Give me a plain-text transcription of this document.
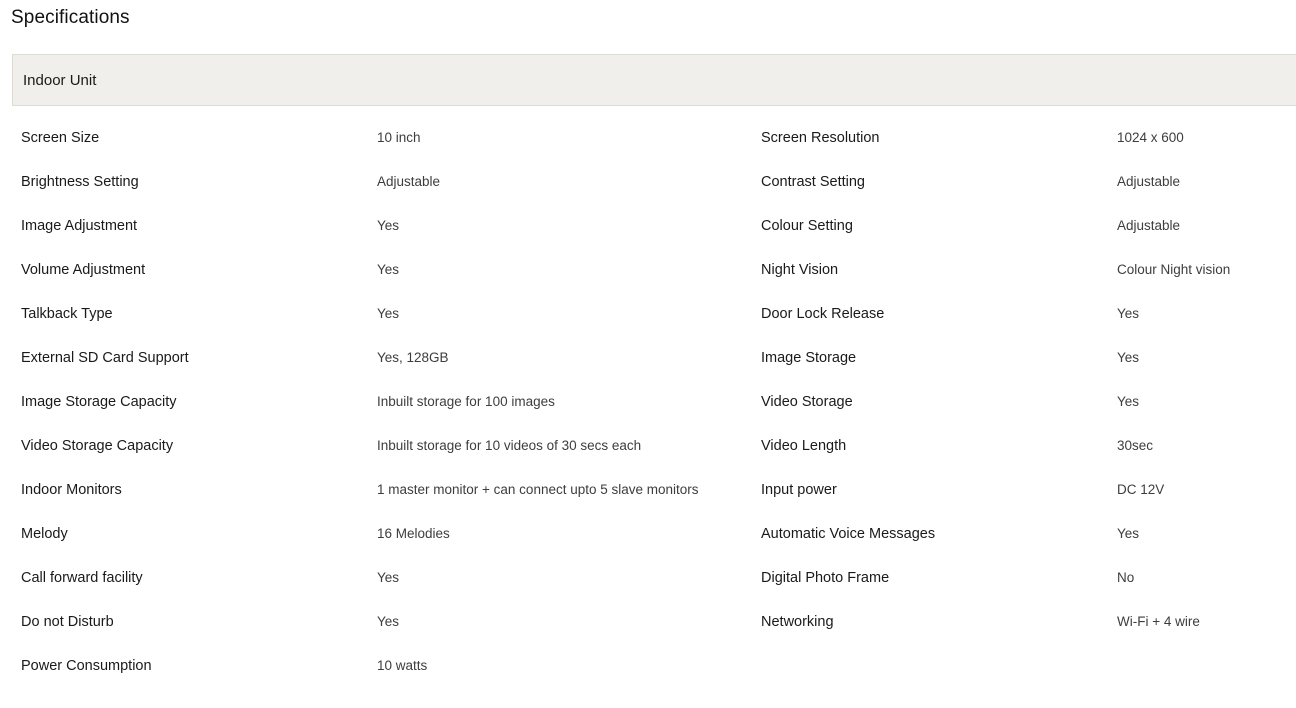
Specifications
Indoor Unit
Screen Size	10 inch	Screen Resolution	1024 x 600
Brightness Setting	Adjustable	Contrast Setting	Adjustable
Image Adjustment	Yes	Colour Setting	Adjustable
Volume Adjustment	Yes	Night Vision	Colour Night vision
Talkback Type	Yes	Door Lock Release	Yes
External SD Card Support	Yes, 128GB	Image Storage	Yes
Image Storage Capacity	Inbuilt storage for 100 images	Video Storage	Yes
Video Storage Capacity	Inbuilt storage for 10 videos of 30 secs each	Video Length	30sec
Indoor Monitors	1 master monitor + can connect upto 5 slave monitors	Input power	DC 12V
Melody	16 Melodies	Automatic Voice Messages	Yes
Call forward facility	Yes	Digital Photo Frame	No
Do not Disturb	Yes	Networking	Wi-Fi + 4 wire
Power Consumption	10 watts
